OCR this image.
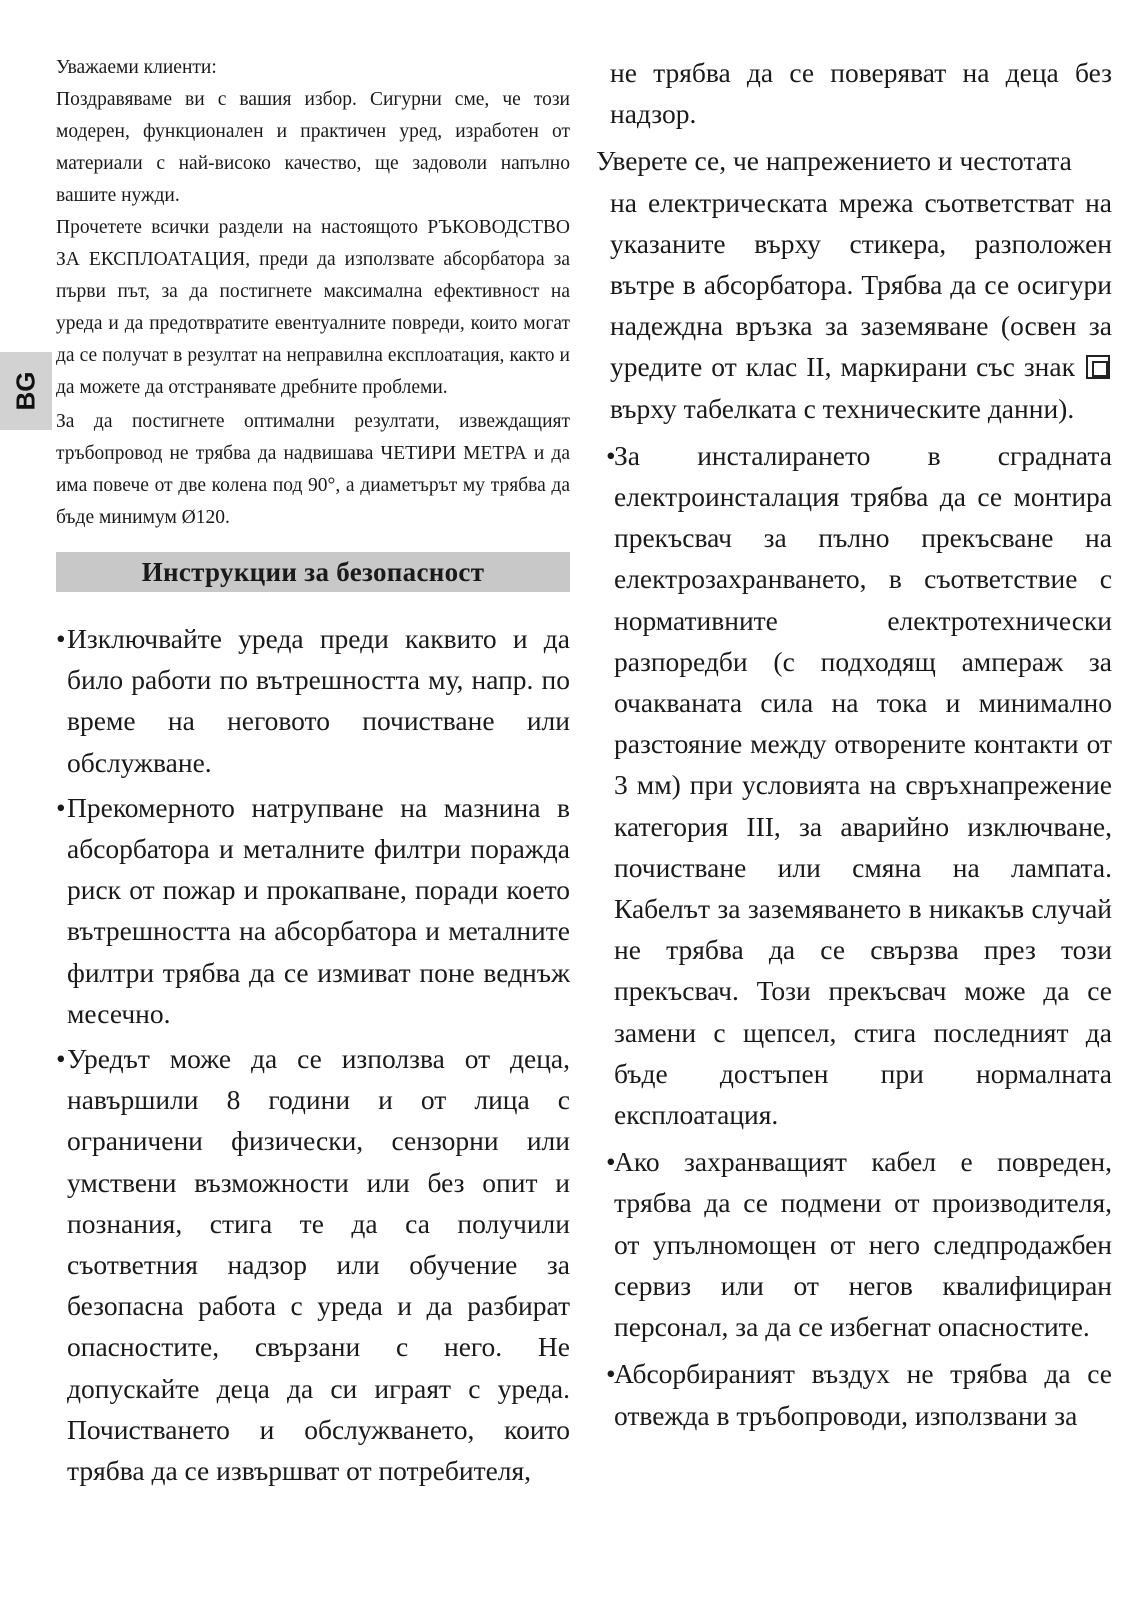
BG

Уважаеми клиенти:

Поздравяваме ви с вашия избор. Сигурни сме, че този модерен, функционален и практичен уред, изработен от материали с най-високо качество, ще задоволи напълно вашите нужди.

Прочетете всички раздели на настоящото РЪКОВОДСТВО ЗА ЕКСПЛОАТАЦИЯ, преди да използвате абсорбатора за първи път, за да постигнете максимална ефективност на уреда и да предотвратите евентуалните повреди, които могат да се получат в резултат на неправилна експлоатация, както и да можете да отстранявате дребните проблеми.

За да постигнете оптимални резултати, извеждащият тръбопровод не трябва да надвишава ЧЕТИРИ МЕТРА и да има повече от две колена под 90°, а диаметърът му трябва да бъде минимум Ø120.

Инструкции за безопасност
• Изключвайте уреда преди каквито и да било работи по вътрешността му, напр. по време на неговото почистване или обслужване.
• Прекомерното натрупване на мазнина в абсорбатора и металните филтри поражда риск от пожар и прокапване, поради което вътрешността на абсорбатора и металните филтри трябва да се измиват поне веднъж месечно.
• Уредът може да се използва от деца, навършили 8 години и от лица с ограничени физически, сензорни или умствени възможности или без опит и познания, стига те да са получили съответния надзор или обучение за безопасна работа с уреда и да разбират опасностите, свързани с него. Не допускайте деца да си играят с уреда. Почистването и обслужването, които трябва да се извършват от потребителя,
не трябва да се поверяват на деца без надзор.
Уверете се, че напрежението и честотата
на електрическата мрежа съответстват на указаните върху стикера, разположен вътре в абсорбатора. Трябва да се осигури надеждна връзка за заземяване (освен за уредите от клас II, маркирани със знак  върху табелката с техническите данни).
•
За инсталирането в сградната електроинсталация трябва да се монтира прекъсвач за пълно прекъсване на електрозахранването, в съответствие с нормативните електротехнически разпоредби (с подходящ ампераж за очакваната сила на тока и минимално разстояние между отворените контакти от 3 мм) при условията на свръхнапрежение категория III, за аварийно изключване, почистване или смяна на лампата. Кабелът за заземяването в никакъв случай не трябва да се свързва през този прекъсвач. Този прекъсвач може да се замени с щепсел, стига последният да бъде достъпен при нормалната експлоатация.
•
Ако захранващият кабел е повреден, трябва да се подмени от производителя, от упълномощен от него следпродажбен сервиз или от негов квалифициран персонал, за да се избегнат опасностите.
•
Абсорбираният въздух не трябва да се отвежда в тръбопроводи, използвани за
